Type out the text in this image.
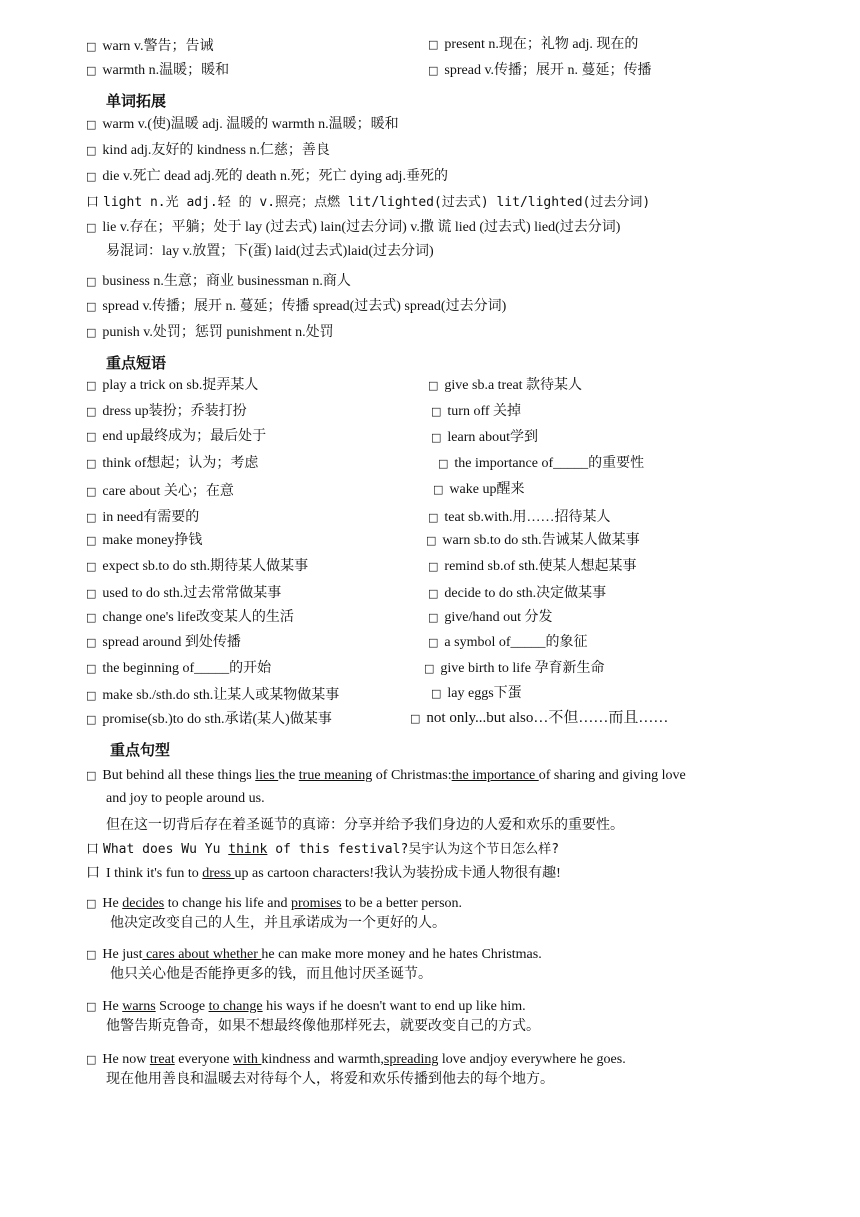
□ warn v.警告；告诫
□ warmth n.温暖；暖和
□ present n.现在；礼物 adj. 现在的
□ spread v.传播；展开 n. 蔓延；传播
单词拓展
□ warm v.(使)温暖 adj. 温暖的 warmth n.温暖；暖和
□ kind adj.友好的 kindness n.仁慈；善良
□ die v.死亡 dead adj.死的 death n.死；死亡 dying adj.垂死的
口 light n.光 adj.轻 的 v.照亮；点燃 lit/lighted(过去式) lit/lighted(过去分词)
□ lie v.存在；平躺；处于 lay (过去式) lain(过去分词) v.撒 谎 lied (过去式) lied(过去分词)
易混词：lay v.放置；下(蛋) laid(过去式)laid(过去分词)
□ business n.生意；商业 businessman n.商人
□ spread v.传播；展开 n. 蔓延；传播 spread(过去式) spread(过去分词)
□ punish v.处罚；惩罚 punishment n.处罚
重点短语
□ play a trick on sb.捉弄某人
□ dress up装扮；乔装打扮
□ end up最终成为；最后处于
□ think of想起；认为；考虑
□ care about 关心；在意
□ in need有需要的
□ make money挣钱
□ expect sb.to do sth.期待某人做某事
□ used to do sth.过去常常做某事
□ change one's life改变某人的生活
□ spread around 到处传播
□ the beginning of_____的开始
□ make sb./sth.do sth.让某人或某物做某事
□ promise(sb.)to do sth.承诺(某人)做某事
□ give sb.a treat 款待某人
□ turn off 关掉
□ learn about学到
□ the importance of_____的重要性
□ wake up醒来
□ teat sb.with.用……招待某人
□ warn sb.to do sth.告诫某人做某事
□ remind sb.of sth.使某人想起某事
□ decide to do sth.决定做某事
□ give/hand out 分发
□ a symbol of_____的象征
□ give birth to life 孕育新生命
□ lay eggs下蛋
□ not only...but also…不但……而且……
重点句型
□ But behind all these things lies the true meaning of Christmas:the importance of sharing and giving love
and joy to people around us.
但在这一切背后存在着圣诞节的真谛：分享并给予我们身边的人爱和欢乐的重要性。
口 What does Wu Yu think of this festival?吴宇认为这个节日怎么样?
口 I think it's fun to dress up as cartoon characters!我认为装扮成卡通人物很有趣!
□ He decides to change his life and promises to be a better person.
他决定改变自己的人生，并且承诺成为一个更好的人。
□ He just cares about whether he can make more money and he hates Christmas.
他只关心他是否能挣更多的钱，而且他讨厌圣诞节。
□ He warns Scrooge to change his ways if he doesn't want to end up like him.
他警告斯克鲁奇，如果不想最终像他那样死去，就要改变自己的方式。
□ He now treat everyone with kindness and warmth,spreading love andjoy everywhere he goes.
现在他用善良和温暖去对待每个人，将爱和欢乐传播到他去的每个地方。
